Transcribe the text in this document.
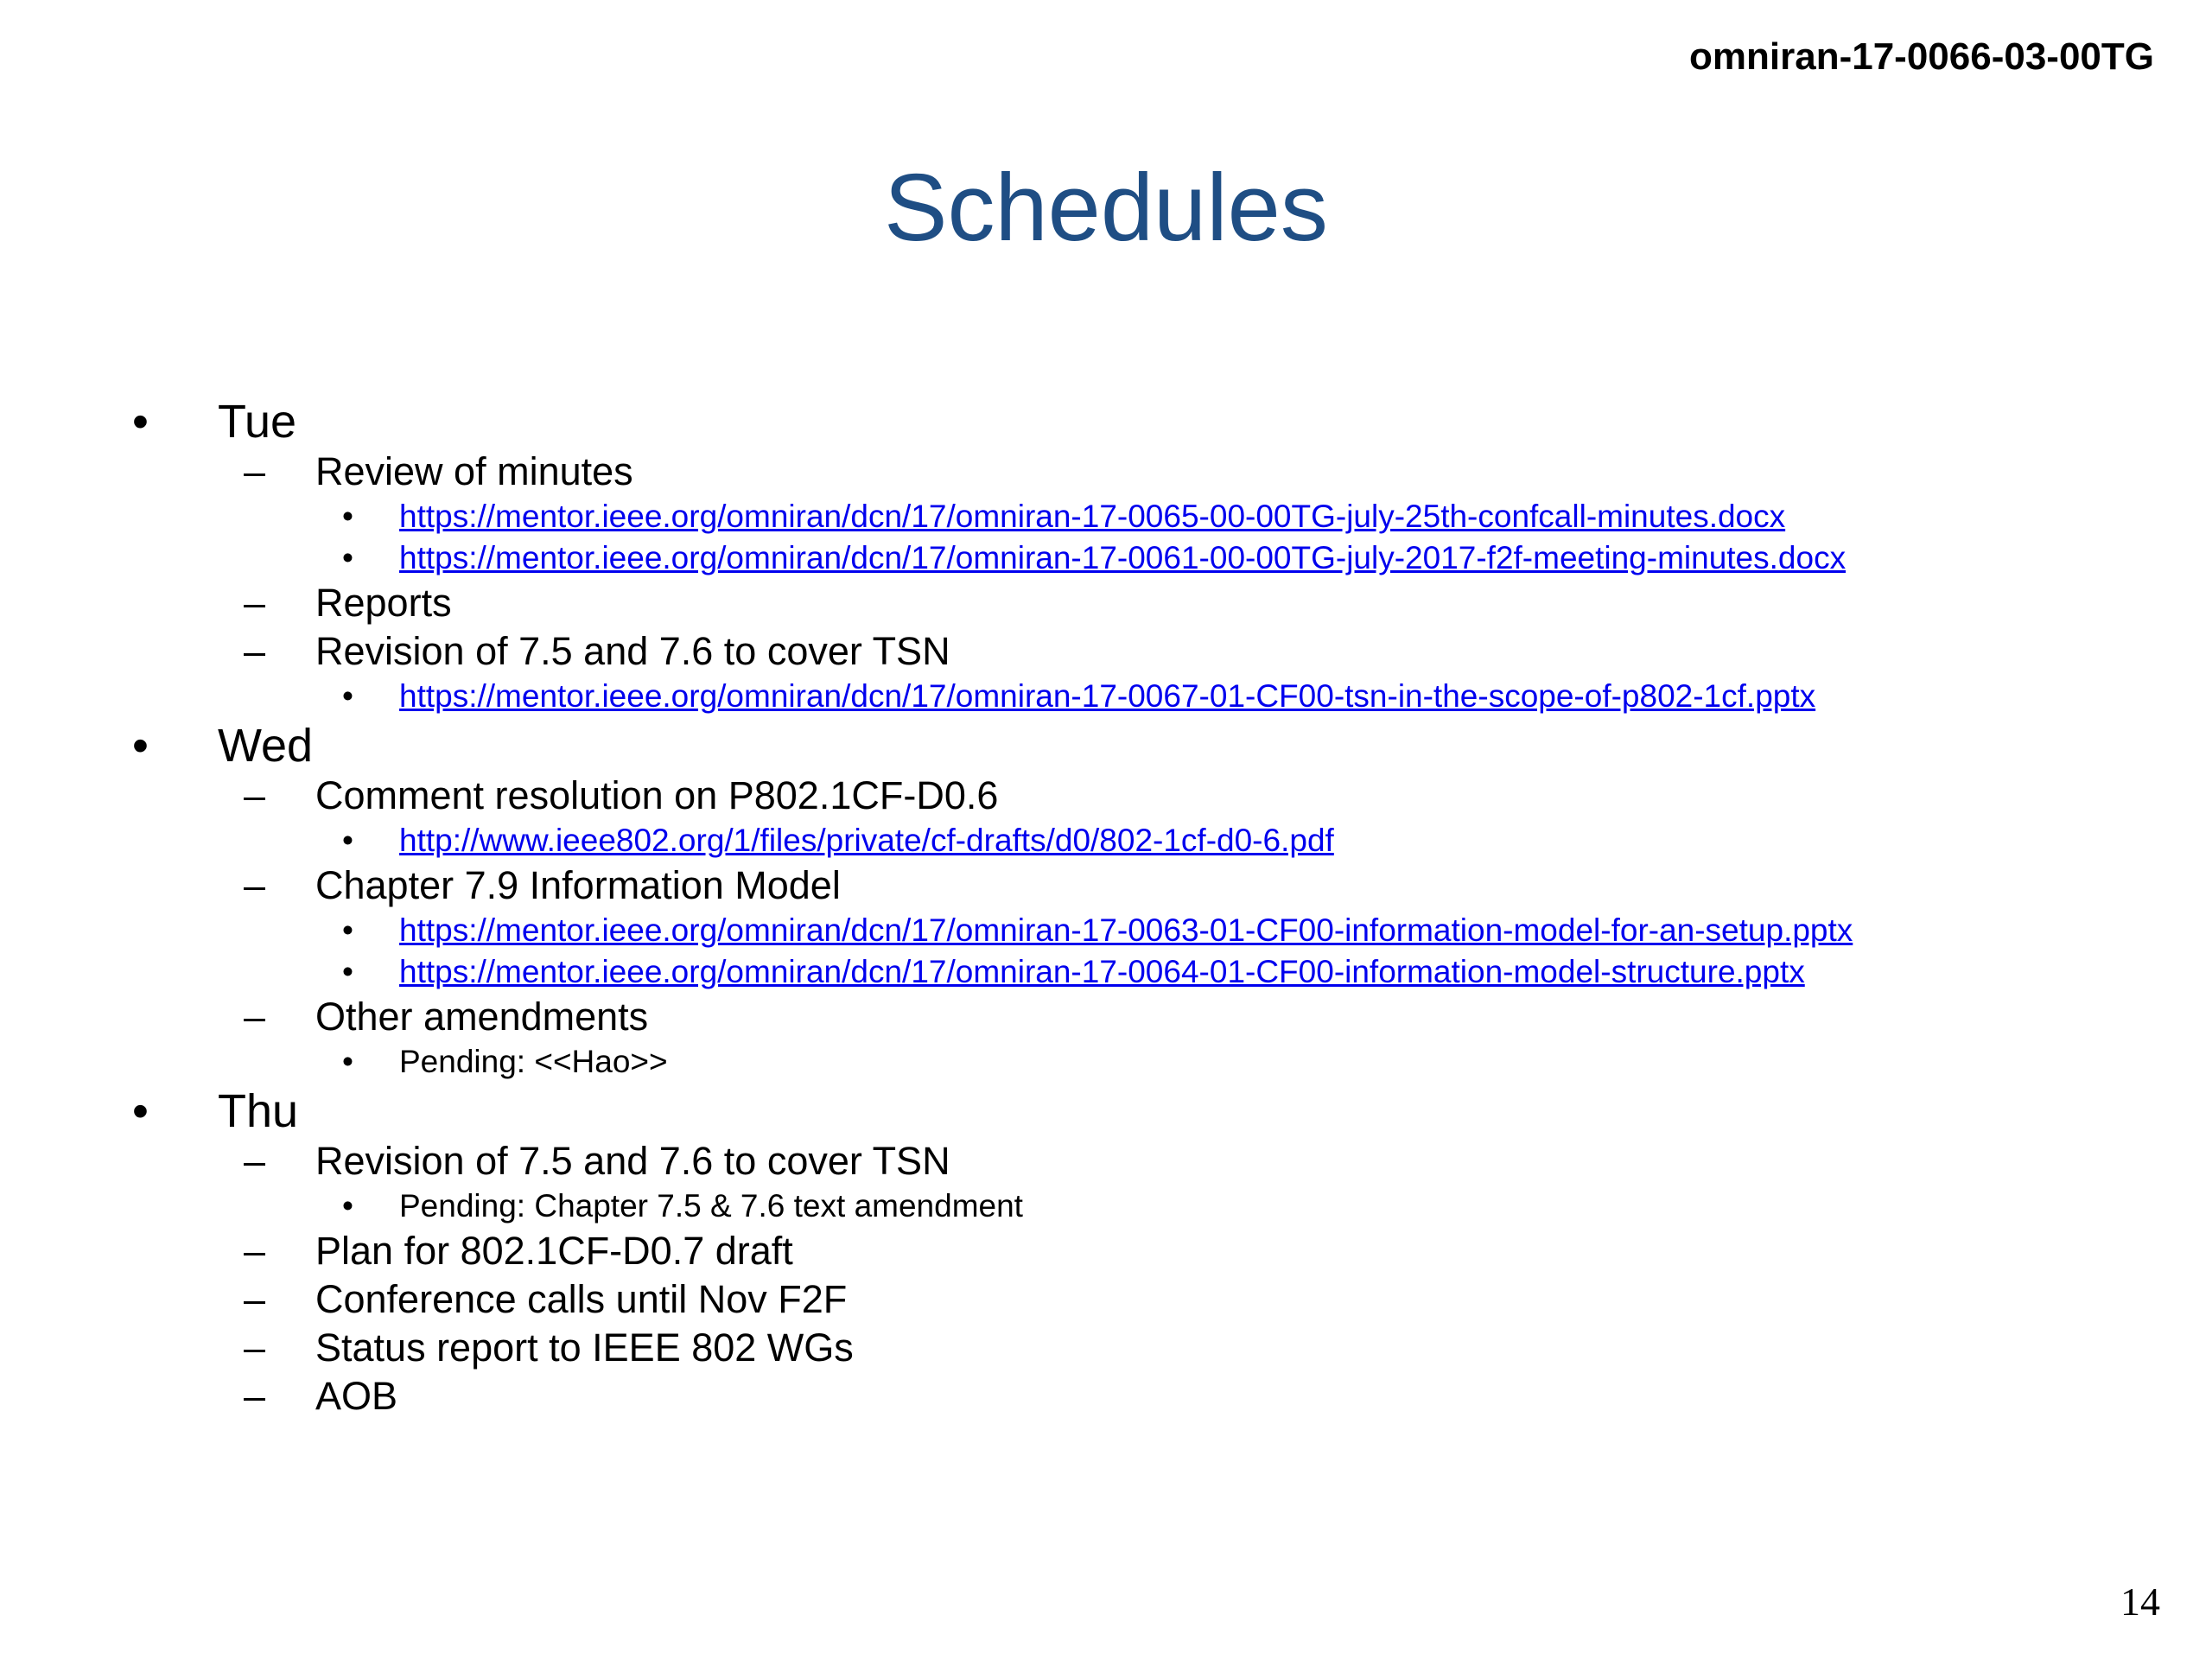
omniran-17-0066-03-00TG
Schedules
• Tue
– Review of minutes
• https://mentor.ieee.org/omniran/dcn/17/omniran-17-0065-00-00TG-july-25th-confcall-minutes.docx
• https://mentor.ieee.org/omniran/dcn/17/omniran-17-0061-00-00TG-july-2017-f2f-meeting-minutes.docx
– Reports
– Revision of 7.5 and 7.6 to cover TSN
• https://mentor.ieee.org/omniran/dcn/17/omniran-17-0067-01-CF00-tsn-in-the-scope-of-p802-1cf.pptx
• Wed
– Comment resolution on P802.1CF-D0.6
• http://www.ieee802.org/1/files/private/cf-drafts/d0/802-1cf-d0-6.pdf
– Chapter 7.9 Information Model
• https://mentor.ieee.org/omniran/dcn/17/omniran-17-0063-01-CF00-information-model-for-an-setup.pptx
• https://mentor.ieee.org/omniran/dcn/17/omniran-17-0064-01-CF00-information-model-structure.pptx
– Other amendments
• Pending: <<Hao>>
• Thu
– Revision of 7.5 and 7.6 to cover TSN
• Pending: Chapter 7.5 & 7.6 text amendment
– Plan for 802.1CF-D0.7 draft
– Conference calls until Nov F2F
– Status report to IEEE 802 WGs
– AOB
14
